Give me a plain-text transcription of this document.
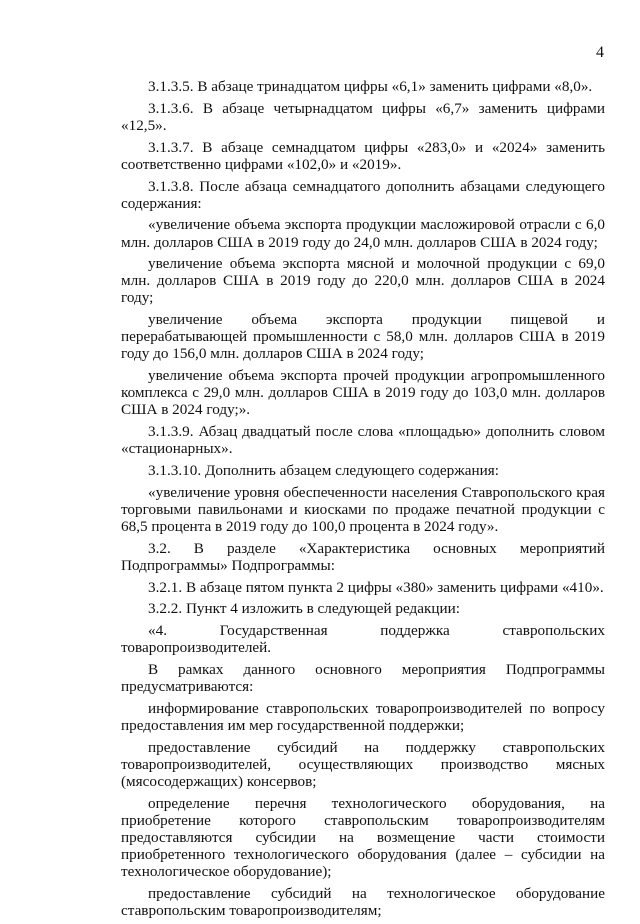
4

3.1.3.5. В абзаце тринадцатом цифры «6,1» заменить цифрами «8,0».

3.1.3.6. В абзаце четырнадцатом цифры «6,7» заменить цифрами «12,5».

3.1.3.7. В абзаце семнадцатом цифры «283,0» и «2024» заменить соответственно цифрами «102,0» и «2019».

3.1.3.8. После абзаца семнадцатого дополнить абзацами следующего содержания:

«увеличение объема экспорта продукции масложировой отрасли с 6,0 млн. долларов США в 2019 году до 24,0 млн. долларов США в 2024 году;

увеличение объема экспорта мясной и молочной продукции с 69,0 млн. долларов США в 2019 году до 220,0 млн. долларов США в 2024 году;

увеличение объема экспорта продукции пищевой и перерабатывающей промышленности с 58,0 млн. долларов США в 2019 году до 156,0 млн. долларов США в 2024 году;

увеличение объема экспорта прочей продукции агропромышленного комплекса с 29,0 млн. долларов США в 2019 году до 103,0 млн. долларов США в 2024 году;».

3.1.3.9. Абзац двадцатый после слова «площадью» дополнить словом «стационарных».

3.1.3.10. Дополнить абзацем следующего содержания:

«увеличение уровня обеспеченности населения Ставропольского края торговыми павильонами и киосками по продаже печатной продукции с 68,5 процента в 2019 году до 100,0 процента в 2024 году».

3.2. В разделе «Характеристика основных мероприятий Подпрограммы» Подпрограммы:

3.2.1. В абзаце пятом пункта 2 цифры «380» заменить цифрами «410».

3.2.2. Пункт 4 изложить в следующей редакции:

«4. Государственная поддержка ставропольских товаропроизводителей.

В рамках данного основного мероприятия Подпрограммы предусматриваются:

информирование ставропольских товаропроизводителей по вопросу предоставления им мер государственной поддержки;

предоставление субсидий на поддержку ставропольских товаропроизводителей, осуществляющих производство мясных (мясосодержащих) консервов;

определение перечня технологического оборудования, на приобретение которого ставропольским товаропроизводителям предоставляются субсидии на возмещение части стоимости приобретенного технологического оборудования (далее – субсидии на технологическое оборудование);

предоставление субсидий на технологическое оборудование ставропольским товаропроизводителям;
